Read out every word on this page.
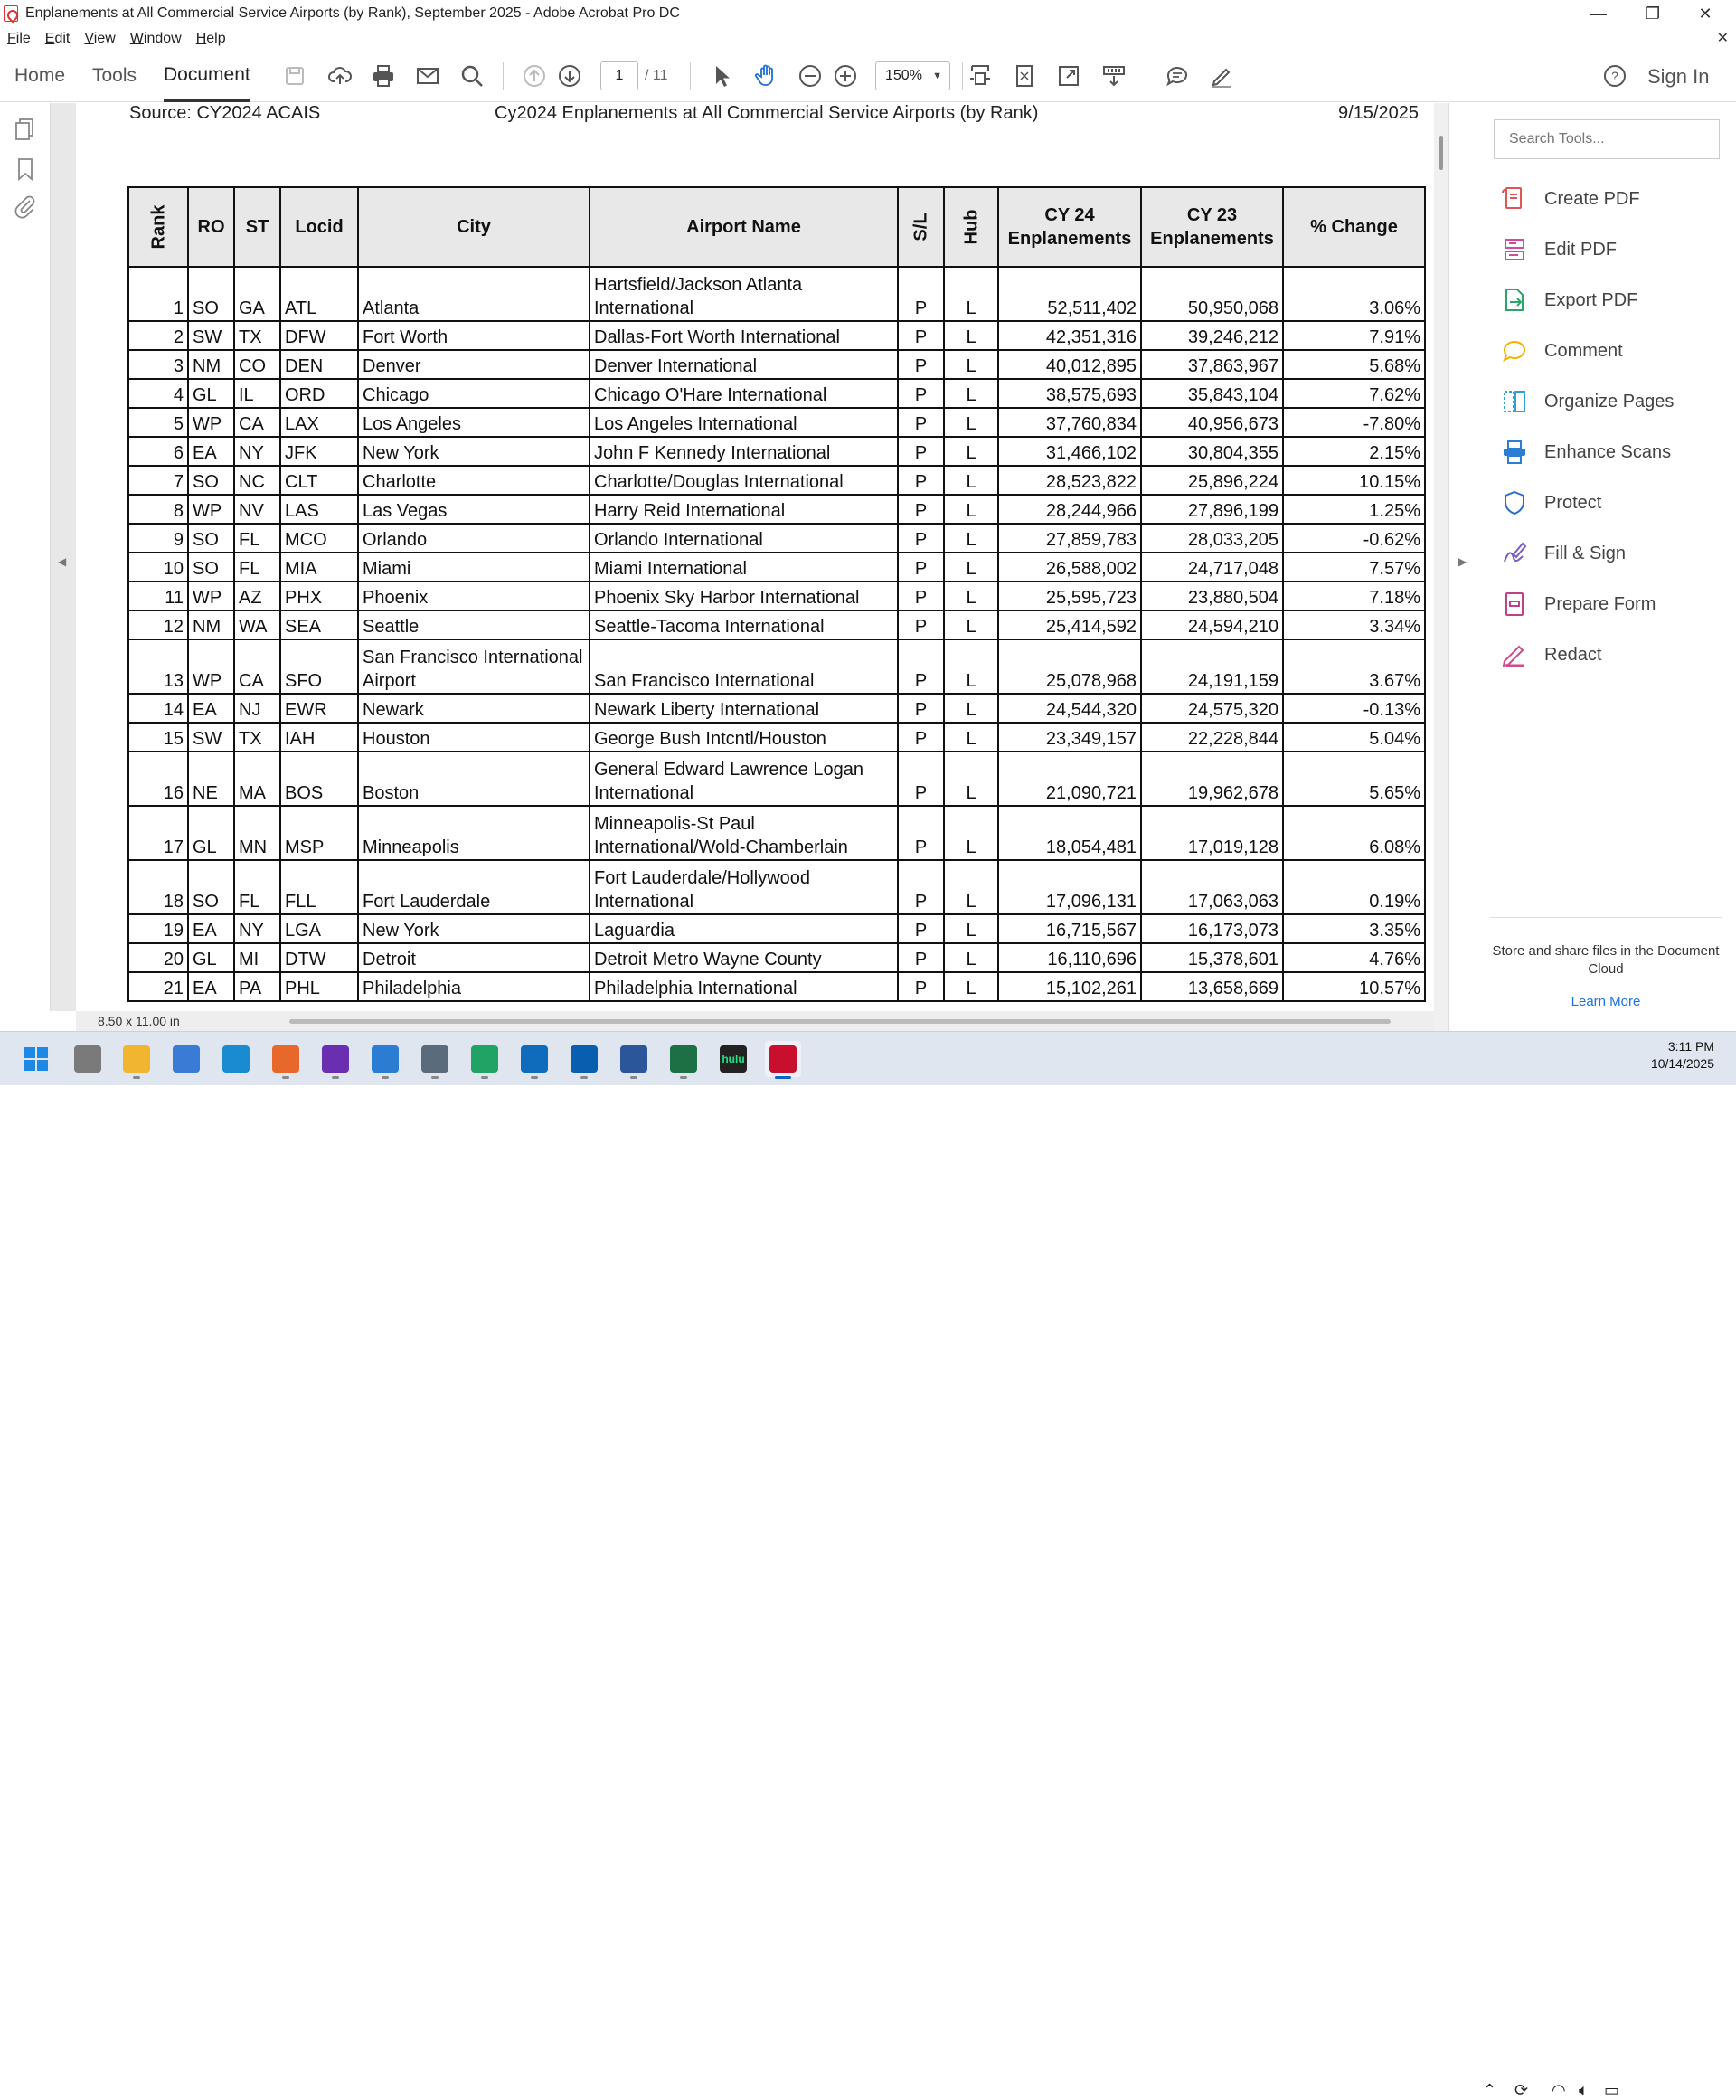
Enplanements at All Commercial Service Airports (by Rank), September 2025 - Adobe Acrobat Pro DC	—	❐	✕
File	Edit	View	Window	Help	✕
Home Tools Document	1	/ 11	150% ▼	? Sign In
◀
Source: CY2024 ACAIS	Cy2024 Enplanements at All Commercial Service Airports (by Rank)	9/15/2025
Rank	RO	ST	Locid	City	Airport Name	S/L	Hub	CY 24 Enplanements	CY 23 Enplanements	% Change
1	SO	GA	ATL	Atlanta	Hartsfield/Jackson Atlanta International	P	L	52,511,402	50,950,068	3.06%
2	SW	TX	DFW	Fort Worth	Dallas-Fort Worth International	P	L	42,351,316	39,246,212	7.91%
3	NM	CO	DEN	Denver	Denver International	P	L	40,012,895	37,863,967	5.68%
4	GL	IL	ORD	Chicago	Chicago O'Hare International	P	L	38,575,693	35,843,104	7.62%
5	WP	CA	LAX	Los Angeles	Los Angeles International	P	L	37,760,834	40,956,673	-7.80%
6	EA	NY	JFK	New York	John F Kennedy International	P	L	31,466,102	30,804,355	2.15%
7	SO	NC	CLT	Charlotte	Charlotte/Douglas International	P	L	28,523,822	25,896,224	10.15%
8	WP	NV	LAS	Las Vegas	Harry Reid International	P	L	28,244,966	27,896,199	1.25%
9	SO	FL	MCO	Orlando	Orlando International	P	L	27,859,783	28,033,205	-0.62%
10	SO	FL	MIA	Miami	Miami International	P	L	26,588,002	24,717,048	7.57%
11	WP	AZ	PHX	Phoenix	Phoenix Sky Harbor International	P	L	25,595,723	23,880,504	7.18%
12	NM	WA	SEA	Seattle	Seattle-Tacoma International	P	L	25,414,592	24,594,210	3.34%
13	WP	CA	SFO	San Francisco International Airport	San Francisco International	P	L	25,078,968	24,191,159	3.67%
14	EA	NJ	EWR	Newark	Newark Liberty International	P	L	24,544,320	24,575,320	-0.13%
15	SW	TX	IAH	Houston	George Bush Intcntl/Houston	P	L	23,349,157	22,228,844	5.04%
16	NE	MA	BOS	Boston	General Edward Lawrence Logan International	P	L	21,090,721	19,962,678	5.65%
17	GL	MN	MSP	Minneapolis	Minneapolis-St Paul International/Wold-Chamberlain	P	L	18,054,481	17,019,128	6.08%
18	SO	FL	FLL	Fort Lauderdale	Fort Lauderdale/Hollywood International	P	L	17,096,131	17,063,063	0.19%
19	EA	NY	LGA	New York	Laguardia	P	L	16,715,567	16,173,073	3.35%
20	GL	MI	DTW	Detroit	Detroit Metro Wayne County	P	L	16,110,696	15,378,601	4.76%
21	EA	PA	PHL	Philadelphia	Philadelphia International	P	L	15,102,261	13,658,669	10.57%
8.50 x 11.00 in
▶
Search Tools...
Create PDF
Edit PDF
Export PDF
Comment
Organize Pages
Enhance Scans
Protect
Fill & Sign
Prepare Form
Redact
Store and share files in the Document Cloud
Learn More
hulu
⌃ ⟳ ◠ 🔈︎ ▭
3:11 PM
10/14/2025
